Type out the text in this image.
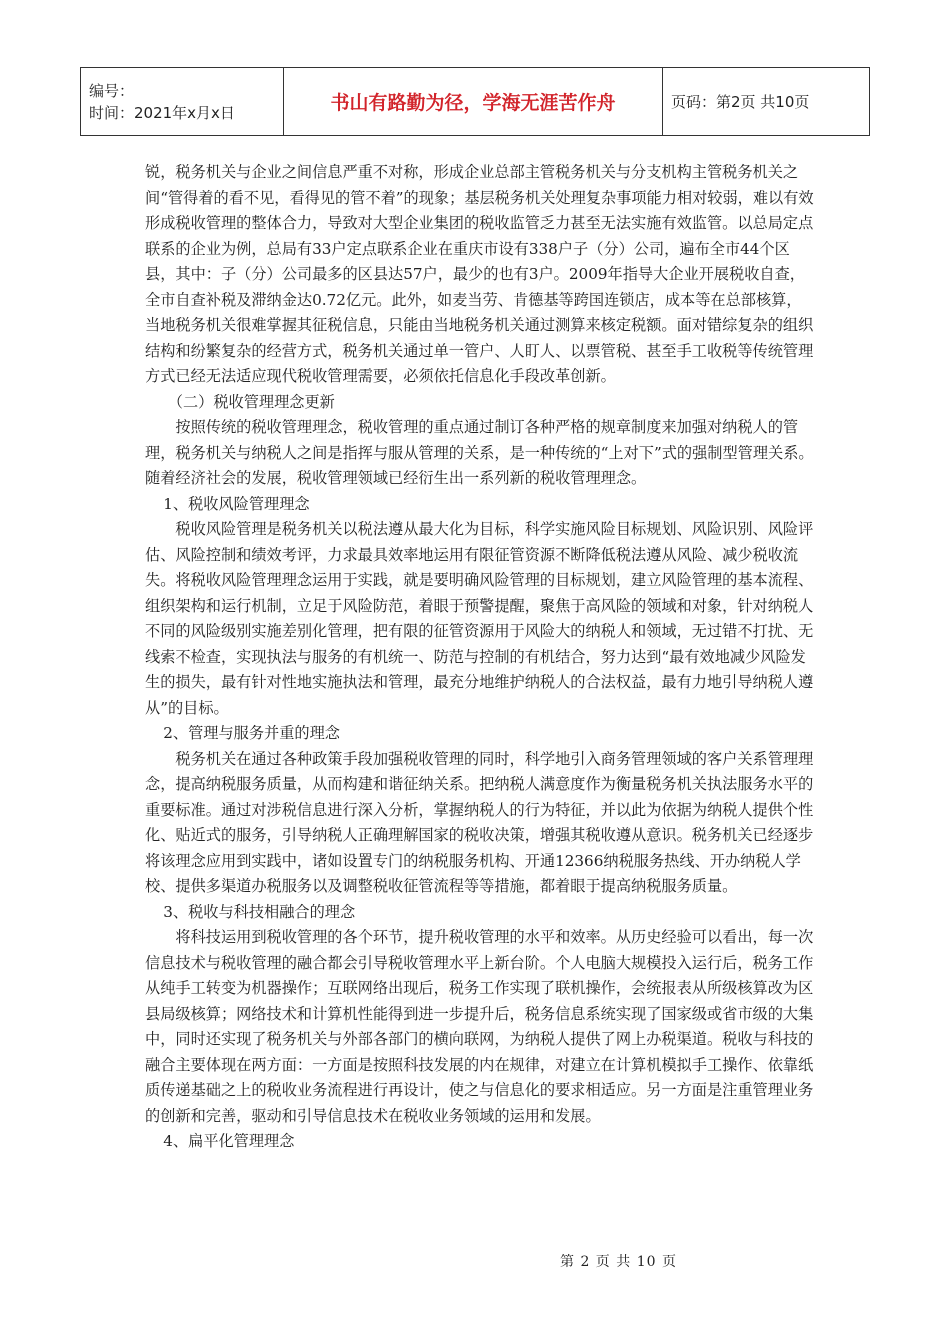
编号：
时间：2021年x月x日	书山有路勤为径，学海无涯苦作舟	页码：第2页 共10页

锐，税务机关与企业之间信息严重不对称，形成企业总部主管税务机关与分支机构主管税务机关之间“管得着的看不见，看得见的管不着”的现象；基层税务机关处理复杂事项能力相对较弱，难以有效形成税收管理的整体合力，导致对大型企业集团的税收监管乏力甚至无法实施有效监管。以总局定点联系的企业为例，总局有33户定点联系企业在重庆市设有338户子（分）公司，遍布全市44个区县，其中：子（分）公司最多的区县达57户，最少的也有3户。2009年指导大企业开展税收自查，全市自查补税及滞纳金达0.72亿元。此外，如麦当劳、肯德基等跨国连锁店，成本等在总部核算，当地税务机关很难掌握其征税信息，只能由当地税务机关通过测算来核定税额。面对错综复杂的组织结构和纷繁复杂的经营方式，税务机关通过单一管户、人盯人、以票管税、甚至手工收税等传统管理方式已经无法适应现代税收管理需要，必须依托信息化手段改革创新。

（二）税收管理理念更新

按照传统的税收管理理念，税收管理的重点通过制订各种严格的规章制度来加强对纳税人的管理，税务机关与纳税人之间是指挥与服从管理的关系，是一种传统的“上对下”式的强制型管理关系。随着经济社会的发展，税收管理领域已经衍生出一系列新的税收管理理念。

1、税收风险管理理念

税收风险管理是税务机关以税法遵从最大化为目标，科学实施风险目标规划、风险识别、风险评估、风险控制和绩效考评，力求最具效率地运用有限征管资源不断降低税法遵从风险、减少税收流失。将税收风险管理理念运用于实践，就是要明确风险管理的目标规划，建立风险管理的基本流程、组织架构和运行机制，立足于风险防范，着眼于预警提醒，聚焦于高风险的领域和对象，针对纳税人不同的风险级别实施差别化管理，把有限的征管资源用于风险大的纳税人和领域，无过错不打扰、无线索不检查，实现执法与服务的有机统一、防范与控制的有机结合，努力达到“最有效地减少风险发生的损失，最有针对性地实施执法和管理，最充分地维护纳税人的合法权益，最有力地引导纳税人遵从”的目标。

2、管理与服务并重的理念

税务机关在通过各种政策手段加强税收管理的同时，科学地引入商务管理领域的客户关系管理理念，提高纳税服务质量，从而构建和谐征纳关系。把纳税人满意度作为衡量税务机关执法服务水平的重要标准。通过对涉税信息进行深入分析，掌握纳税人的行为特征，并以此为依据为纳税人提供个性化、贴近式的服务，引导纳税人正确理解国家的税收决策，增强其税收遵从意识。税务机关已经逐步将该理念应用到实践中，诸如设置专门的纳税服务机构、开通12366纳税服务热线、开办纳税人学校、提供多渠道办税服务以及调整税收征管流程等等措施，都着眼于提高纳税服务质量。

3、税收与科技相融合的理念

将科技运用到税收管理的各个环节，提升税收管理的水平和效率。从历史经验可以看出，每一次信息技术与税收管理的融合都会引导税收管理水平上新台阶。个人电脑大规模投入运行后，税务工作从纯手工转变为机器操作；互联网络出现后，税务工作实现了联机操作，会统报表从所级核算改为区县局级核算；网络技术和计算机性能得到进一步提升后，税务信息系统实现了国家级或省市级的大集中，同时还实现了税务机关与外部各部门的横向联网，为纳税人提供了网上办税渠道。税收与科技的融合主要体现在两方面：一方面是按照科技发展的内在规律，对建立在计算机模拟手工操作、依靠纸质传递基础之上的税收业务流程进行再设计，使之与信息化的要求相适应。另一方面是注重管理业务的创新和完善，驱动和引导信息技术在税收业务领域的运用和发展。

4、扁平化管理理念

第 2 页 共 10 页
